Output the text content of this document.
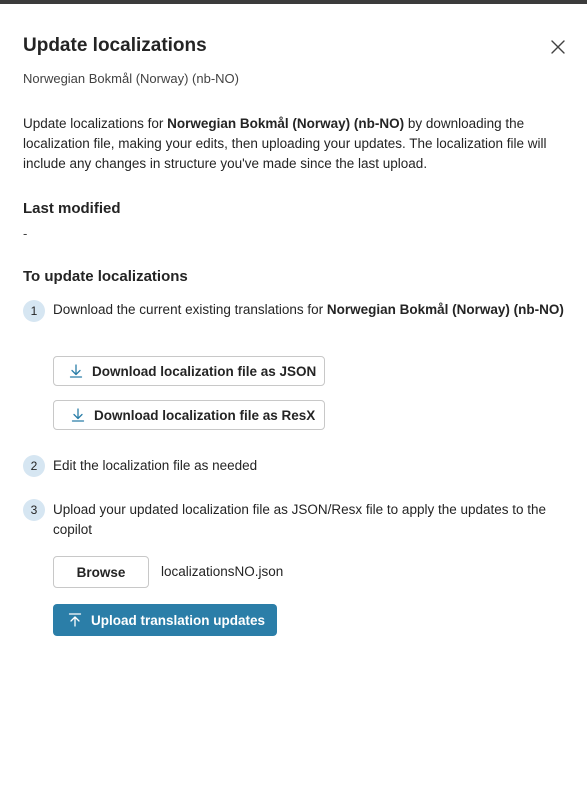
Update localizations
Norwegian Bokmål (Norway) (nb-NO)
Update localizations for Norwegian Bokmål (Norway) (nb-NO) by downloading the localization file, making your edits, then uploading your updates. The localization file will include any changes in structure you've made since the last upload.
Last modified
-
To update localizations
1	Download the current existing translations for Norwegian Bokmål (Norway) (nb-NO)
Download localization file as JSON
Download localization file as ResX
2	Edit the localization file as needed
3	Upload your updated localization file as JSON/Resx file to apply the updates to the copilot
Browse	localizationsNO.json
Upload translation updates
